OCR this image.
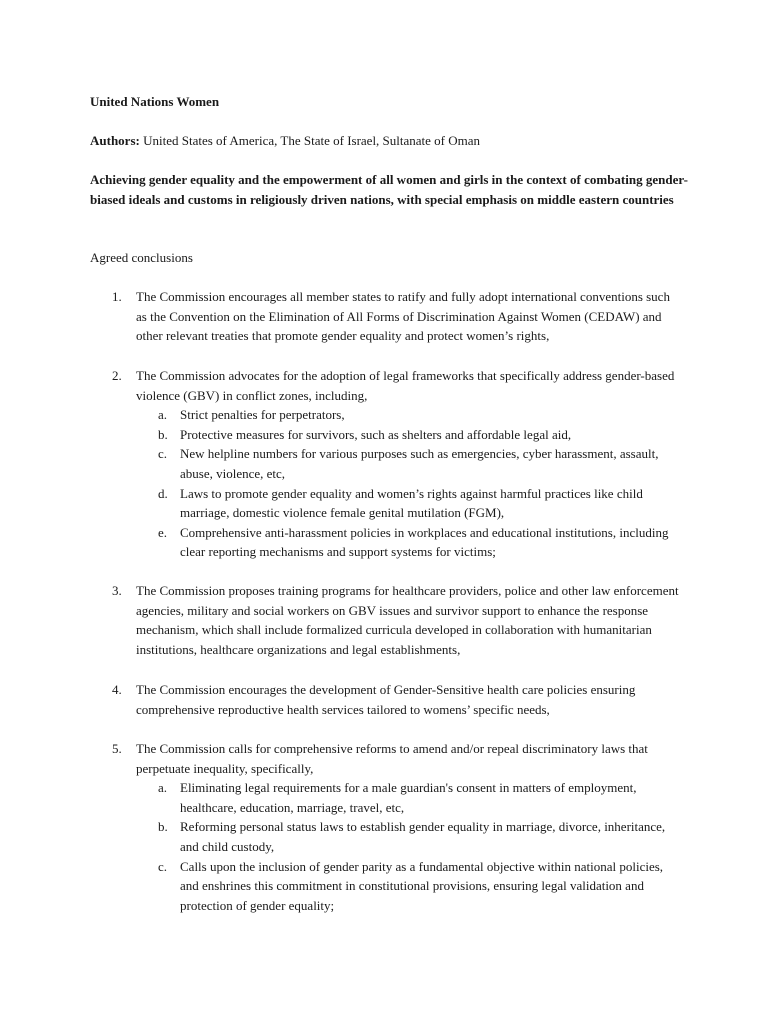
United Nations Women
Authors: United States of America, The State of Israel, Sultanate of Oman
Achieving gender equality and the empowerment of all women and girls in the context of combating gender-biased ideals and customs in religiously driven nations, with special emphasis on middle eastern countries
Agreed conclusions
1.	The Commission encourages all member states to ratify and fully adopt international conventions such as the Convention on the Elimination of All Forms of Discrimination Against Women (CEDAW) and other relevant treaties that promote gender equality and protect women’s rights,
2.	The Commission advocates for the adoption of legal frameworks that specifically address gender-based violence (GBV) in conflict zones, including,
a. Strict penalties for perpetrators,
b. Protective measures for survivors, such as shelters and affordable legal aid,
c. New helpline numbers for various purposes such as emergencies, cyber harassment, assault, abuse, violence, etc,
d. Laws to promote gender equality and women’s rights against harmful practices like child marriage, domestic violence female genital mutilation (FGM),
e. Comprehensive anti-harassment policies in workplaces and educational institutions, including clear reporting mechanisms and support systems for victims;
3.	The Commission proposes training programs for healthcare providers, police and other law enforcement agencies, military and social workers on GBV issues and survivor support to enhance the response mechanism, which shall include formalized curricula developed in collaboration with humanitarian institutions, healthcare organizations and legal establishments,
4.	The Commission encourages the development of Gender-Sensitive health care policies ensuring comprehensive reproductive health services tailored to womens’ specific needs,
5.	The Commission calls for comprehensive reforms to amend and/or repeal discriminatory laws that perpetuate inequality, specifically,
a. Eliminating legal requirements for a male guardian's consent in matters of employment, healthcare, education, marriage, travel, etc,
b. Reforming personal status laws to establish gender equality in marriage, divorce, inheritance, and child custody,
c. Calls upon the inclusion of gender parity as a fundamental objective within national policies, and enshrines this commitment in constitutional provisions, ensuring legal validation and protection of gender equality;
